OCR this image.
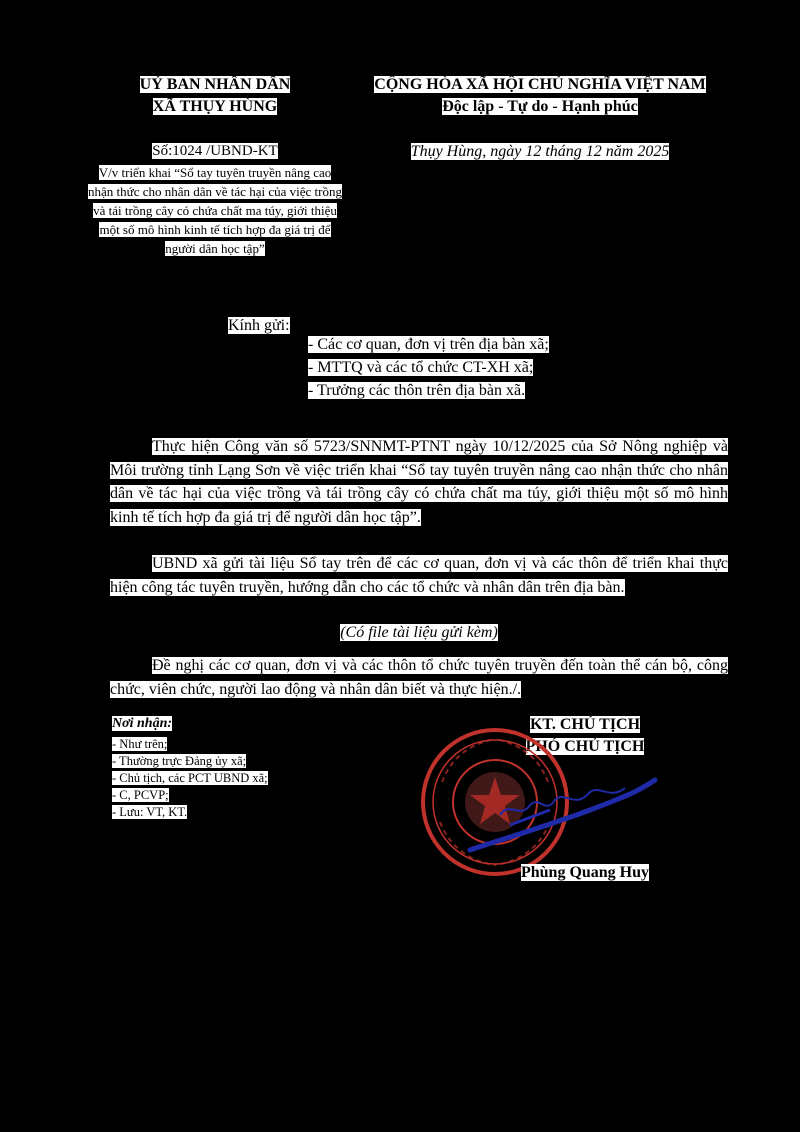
UỶ BAN NHÂN DÂN
XÃ THỤY HÙNG
CỘNG HÒA XÃ HỘI CHỦ NGHĨA VIỆT NAM
Độc lập - Tự do - Hạnh phúc
Số:1024 /UBND-KT	Thụy Hùng, ngày 12 tháng 12 năm 2025
V/v triển khai “Sổ tay tuyên truyền nâng cao nhận thức cho nhân dân về tác hại của việc trồng và tái trồng cây có chứa chất ma túy, giới thiệu một số mô hình kinh tế tích hợp đa giá trị để người dân học tập”
Kính gửi:
- Các cơ quan, đơn vị trên địa bàn xã;
- MTTQ và các tổ chức CT-XH xã;
- Trưởng các thôn trên địa bàn xã.
Thực hiện Công văn số 5723/SNNMT-PTNT ngày 10/12/2025 của Sở Nông nghiệp và Môi trường tỉnh Lạng Sơn về việc triển khai “Sổ tay tuyên truyền nâng cao nhận thức cho nhân dân về tác hại của việc trồng và tái trồng cây có chứa chất ma túy, giới thiệu một số mô hình kinh tế tích hợp đa giá trị để người dân học tập”.
UBND xã gửi tài liệu Sổ tay trên để các cơ quan, đơn vị và các thôn để triển khai thực hiện công tác tuyên truyền, hướng dẫn cho các tổ chức và nhân dân trên địa bàn.
(Có file tài liệu gửi kèm)
Đề nghị các cơ quan, đơn vị và các thôn tổ chức tuyên truyền đến toàn thể cán bộ, công chức, viên chức, người lao động và nhân dân biết và thực hiện./.
Nơi nhận:
- Như trên;
- Thường trực Đảng ủy xã;
- Chủ tịch, các PCT UBND xã;
- C, PCVP;
- Lưu: VT, KT.
KT. CHỦ TỊCH
PHÓ CHỦ TỊCH
Phùng Quang Huy
